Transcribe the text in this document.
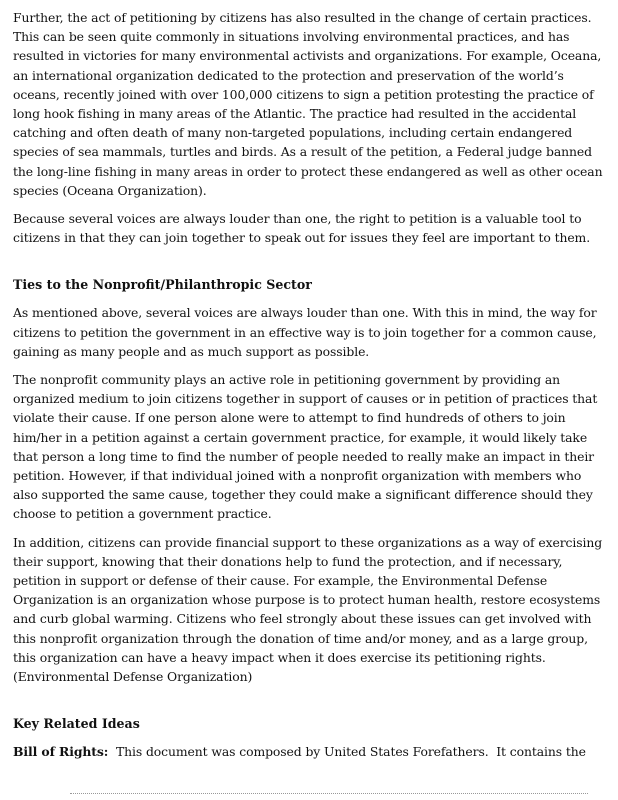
Further, the act of petitioning by citizens has also resulted in the change of certain practices. This can be seen quite commonly in situations involving environmental practices, and has resulted in victories for many environmental activists and organizations. For example, Oceana, an international organization dedicated to the protection and preservation of the world’s oceans, recently joined with over 100,000 citizens to sign a petition protesting the practice of long hook fishing in many areas of the Atlantic. The practice had resulted in the accidental catching and often death of many non-targeted populations, including certain endangered species of sea mammals, turtles and birds. As a result of the petition, a Federal judge banned the long-line fishing in many areas in order to protect these endangered as well as other ocean species (Oceana Organization).

Because several voices are always louder than one, the right to petition is a valuable tool to citizens in that they can join together to speak out for issues they feel are important to them.

Ties to the Nonprofit/Philanthropic Sector

As mentioned above, several voices are always louder than one. With this in mind, the way for citizens to petition the government in an effective way is to join together for a common cause, gaining as many people and as much support as possible.

The nonprofit community plays an active role in petitioning government by providing an organized medium to join citizens together in support of causes or in petition of practices that violate their cause. If one person alone were to attempt to find hundreds of others to join him/her in a petition against a certain government practice, for example, it would likely take that person a long time to find the number of people needed to really make an impact in their petition. However, if that individual joined with a nonprofit organization with members who also supported the same cause, together they could make a significant difference should they choose to petition a government practice.

In addition, citizens can provide financial support to these organizations as a way of exercising their support, knowing that their donations help to fund the protection, and if necessary, petition in support or defense of their cause. For example, the Environmental Defense Organization is an organization whose purpose is to protect human health, restore ecosystems and curb global warming. Citizens who feel strongly about these issues can get involved with this nonprofit organization through the donation of time and/or money, and as a large group, this organization can have a heavy impact when it does exercise its petitioning rights. (Environmental Defense Organization)

Key Related Ideas

Bill of Rights:  This document was composed by United States Forefathers.  It contains the
